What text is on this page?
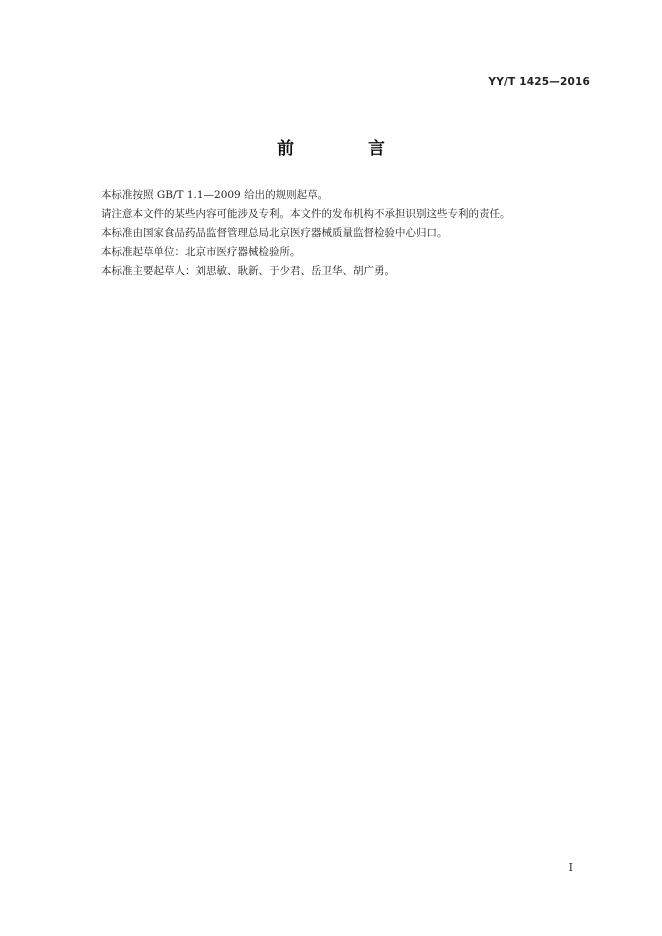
YY/T 1425—2016
前 言

本标准按照 GB/T 1.1—2009 给出的规则起草。

请注意本文件的某些内容可能涉及专利。本文件的发布机构不承担识别这些专利的责任。

本标准由国家食品药品监督管理总局北京医疗器械质量监督检验中心归口。

本标准起草单位：北京市医疗器械检验所。

本标准主要起草人：刘思敏、耿新、于少君、岳卫华、胡广勇。

I
